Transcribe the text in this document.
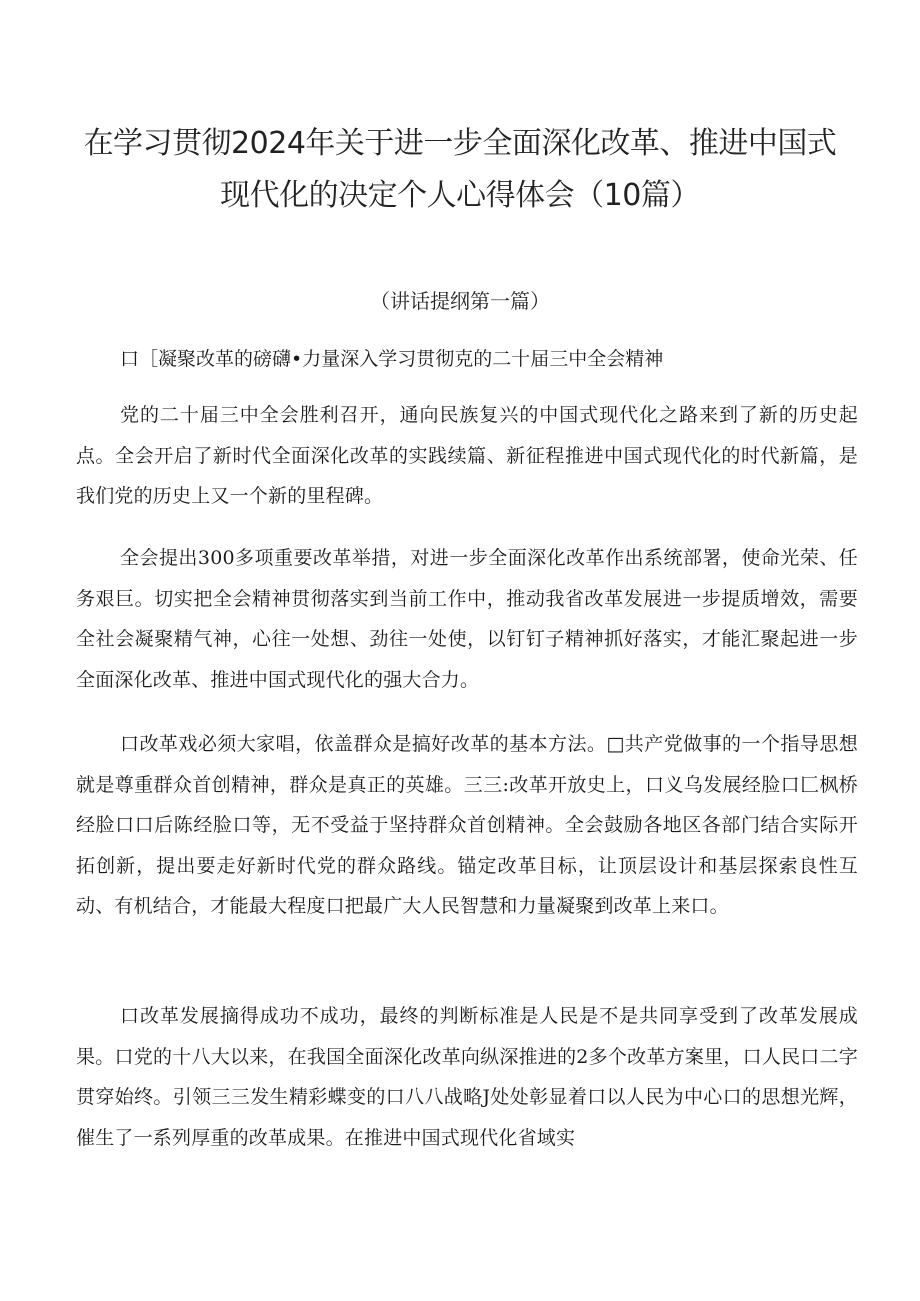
在学习贯彻2024年关于进一步全面深化改革、推进中国式
现代化的决定个人心得体会（10篇）
（讲话提纲第一篇）
口［凝聚改革的磅礴•力量深入学习贯彻克的二十届三中全会精神

党的二十届三中全会胜利召开，通向民族复兴的中国式现代化之路来到了新的历史起点。全会开启了新时代全面深化改革的实践续篇、新征程推进中国式现代化的时代新篇，是我们党的历史上又一个新的里程碑。

全会提出300多项重要改革举措，对进一步全面深化改革作出系统部署，使命光荣、任务艰巨。切实把全会精神贯彻落实到当前工作中，推动我省改革发展进一步提质增效，需要全社会凝聚精气神，心往一处想、劲往一处使，以钉钉子精神抓好落实，才能汇聚起进一步全面深化改革、推进中国式现代化的强大合力。

口改革戏必须大家唱，依盖群众是搞好改革的基本方法。□共产党做事的一个指导思想就是尊重群众首创精神，群众是真正的英雄。三三:改革开放史上，口义乌发展经脸口匚枫桥经脸口口后陈经脸口等，无不受益于坚持群众首创精神。全会鼓励各地区各部门结合实际开拓创新，提出要走好新时代党的群众路线。锚定改革目标，让顶层设计和基层探索良性互动、有机结合，才能最大程度口把最广大人民智慧和力量凝聚到改革上来口。

口改革发展摘得成功不成功，最终的判断标准是人民是不是共同享受到了改革发展成果。口党的十八大以来，在我国全面深化改革向纵深推进的2多个改革方案里，口人民口二字贯穿始终。引领三三发生精彩蝶变的口八八战略J处处彰显着口以人民为中心口的思想光辉，催生了一系列厚重的改革成果。在推进中国式现代化省域实
